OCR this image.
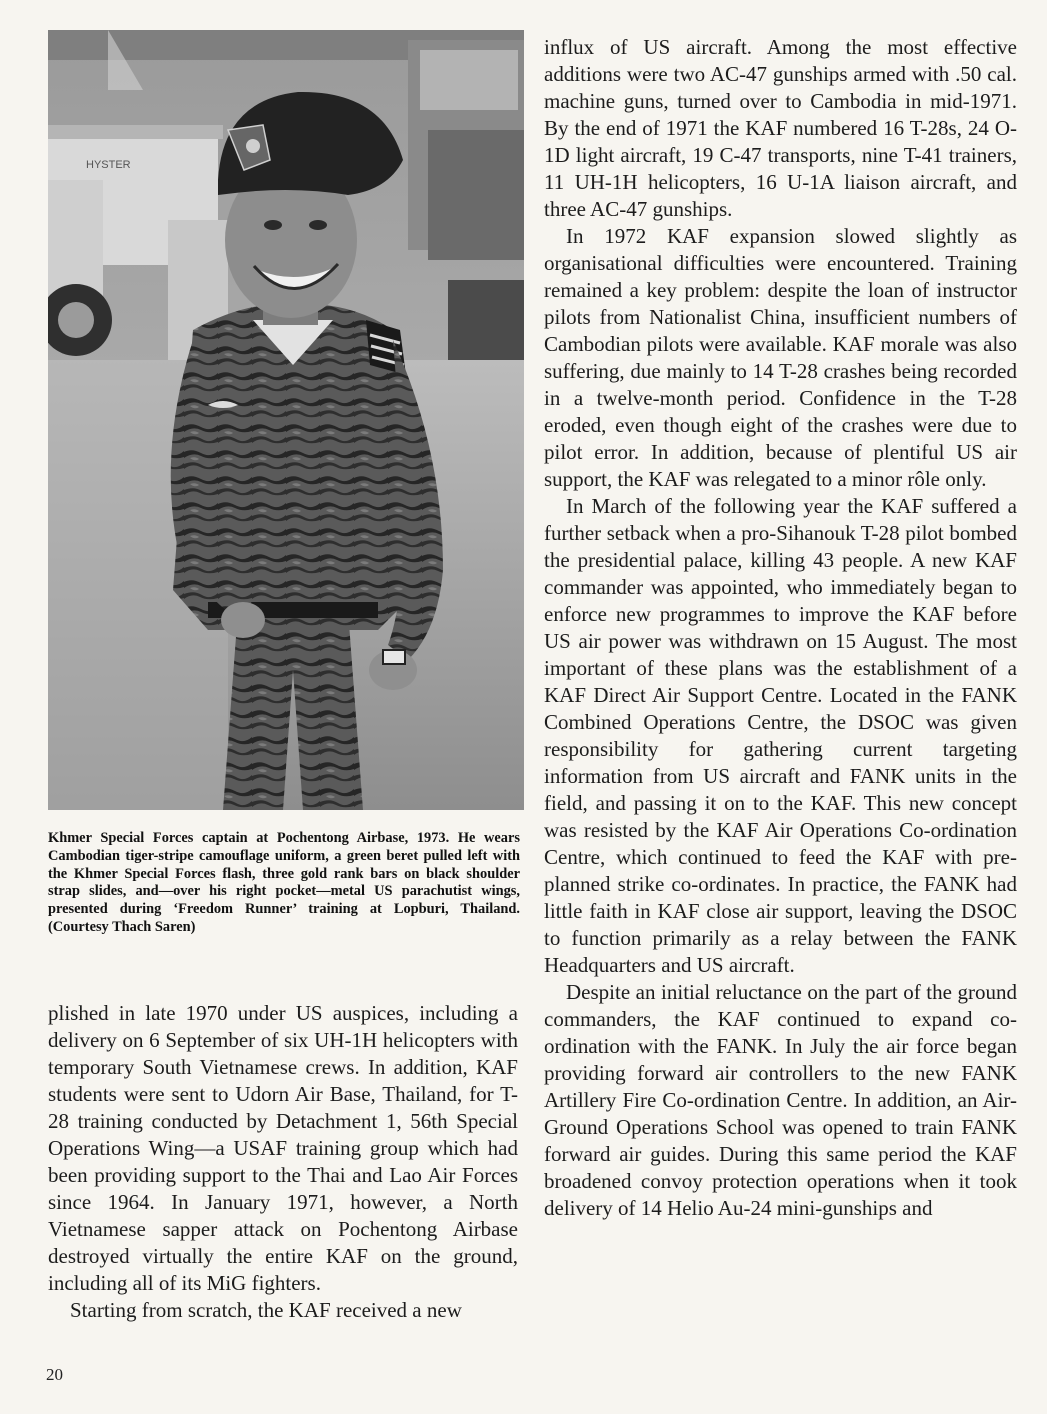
HYSTER
Khmer Special Forces captain at Pochentong Airbase, 1973. He wears Cambodian tiger-stripe camouflage uniform, a green beret pulled left with the Khmer Special Forces flash, three gold rank bars on black shoulder strap slides, and—over his right pocket—metal US parachutist wings, presented during ‘Freedom Runner’ training at Lopburi, Thailand. (Courtesy Thach Saren)

plished in late 1970 under US auspices, including a delivery on 6 September of six UH-1H helicopters with temporary South Vietnamese crews. In addition, KAF students were sent to Udorn Air Base, Thailand, for T-28 training conducted by Detachment 1, 56th Special Operations Wing—a USAF training group which had been providing support to the Thai and Lao Air Forces since 1964. In January 1971, however, a North Vietnamese sapper attack on Pochentong Airbase destroyed virtually the entire KAF on the ground, including all of its MiG fighters.

Starting from scratch, the KAF received a new

influx of US aircraft. Among the most effective additions were two AC-47 gunships armed with .50 cal. machine guns, turned over to Cambodia in mid-1971. By the end of 1971 the KAF numbered 16 T-28s, 24 O-1D light aircraft, 19 C-47 transports, nine T-41 trainers, 11 UH-1H helicopters, 16 U-1A liaison aircraft, and three AC-47 gunships.

In 1972 KAF expansion slowed slightly as organisational difficulties were encountered. Training remained a key problem: despite the loan of instructor pilots from Nationalist China, insufficient numbers of Cambodian pilots were available. KAF morale was also suffering, due mainly to 14 T-28 crashes being recorded in a twelve-month period. Confidence in the T-28 eroded, even though eight of the crashes were due to pilot error. In addition, because of plentiful US air support, the KAF was relegated to a minor rôle only.

In March of the following year the KAF suffered a further setback when a pro-Sihanouk T-28 pilot bombed the presidential palace, killing 43 people. A new KAF commander was appointed, who immediately began to enforce new programmes to improve the KAF before US air power was withdrawn on 15 August. The most important of these plans was the establishment of a KAF Direct Air Support Centre. Located in the FANK Combined Operations Centre, the DSOC was given responsibility for gathering current targeting information from US aircraft and FANK units in the field, and passing it on to the KAF. This new concept was resisted by the KAF Air Operations Co-ordination Centre, which continued to feed the KAF with pre-planned strike co-ordinates. In practice, the FANK had little faith in KAF close air support, leaving the DSOC to function primarily as a relay between the FANK Headquarters and US aircraft.

Despite an initial reluctance on the part of the ground commanders, the KAF continued to expand co-ordination with the FANK. In July the air force began providing forward air controllers to the new FANK Artillery Fire Co-ordination Centre. In addition, an Air-Ground Operations School was opened to train FANK forward air guides. During this same period the KAF broadened convoy protection operations when it took delivery of 14 Helio Au-24 mini-gunships and

20
